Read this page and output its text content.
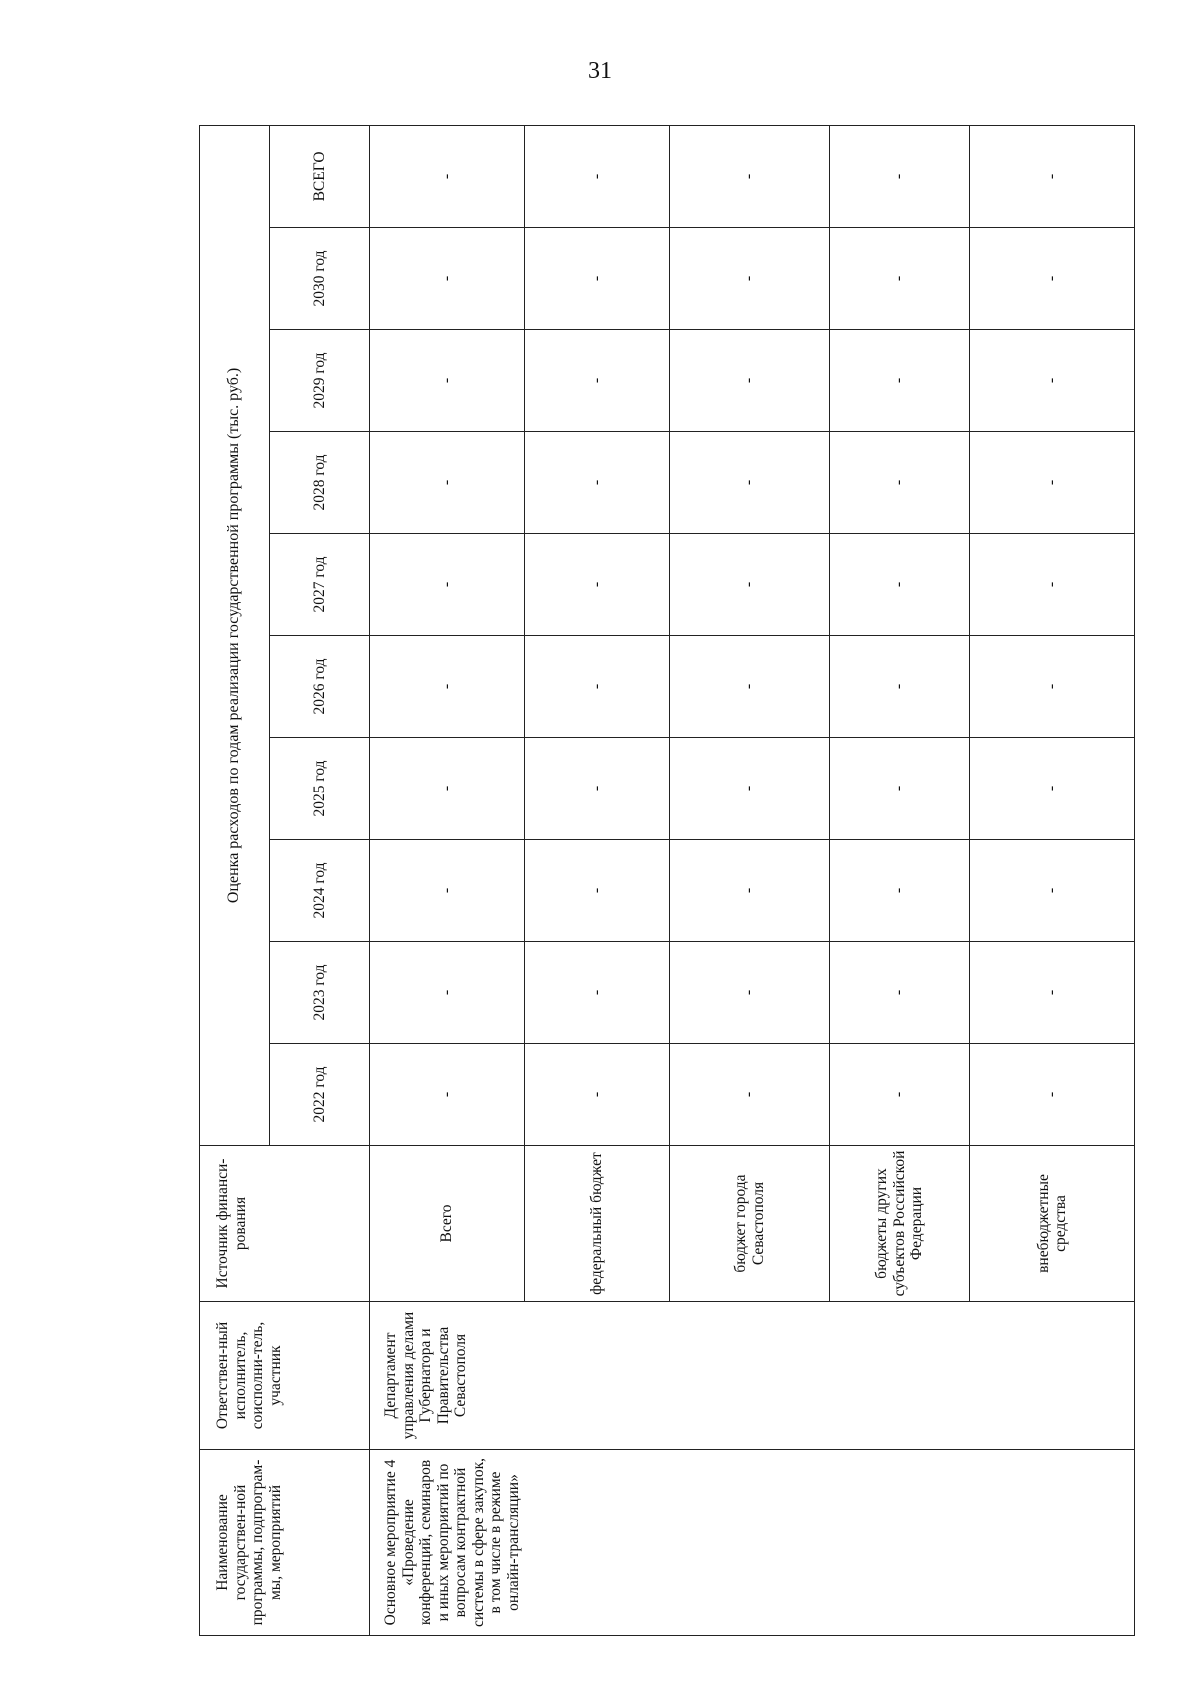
31
Наименование государствен-ной программы, подпрограм-мы, мероприятий	Ответствен-ный исполнитель, соисполни-тель, участник	Источник финанси-рования	Оценка расходов по годам реализации государственной программы (тыс. руб.)									
			2022 год	2023 год	2024 год	2025 год	2026 год	2027 год	2028 год	2029 год	2030 год	ВСЕГО
Основное мероприятие 4 «Проведение конференций, семинаров и иных мероприятий по вопросам контрактной системы в сфере закупок, в том числе в режиме онлайн-трансляции»	Департамент управления делами Губернатора и Правительства Севастополя	Всего	-	-	-	-	-	-	-	-	-	-
		федеральный бюджет	-	-	-	-	-	-	-	-	-	-
		бюджет города Севастополя	-	-	-	-	-	-	-	-	-	-
		бюджеты других субъектов Российской Федерации	-	-	-	-	-	-	-	-	-	-
		внебюджетные средства	-	-	-	-	-	-	-	-	-	-
